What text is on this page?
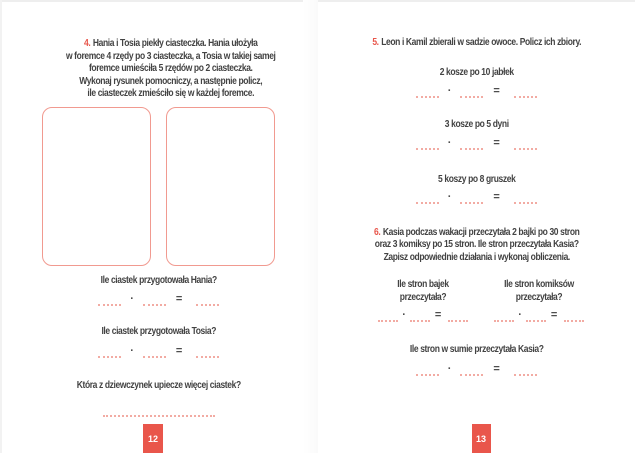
4. Hania i Tosia piekły ciasteczka. Hania ułożyła
w foremce 4 rzędy po 3 ciasteczka, a Tosia w takiej samej
foremce umieściła 5 rzędów po 2 ciasteczka.
Wykonaj rysunek pomocniczy, a następnie policz,
ile ciasteczek zmieściło się w każdej foremce.
Ile ciastek przygotowała Hania?
·	=
Ile ciastek przygotowała Tosia?
·	=
Która z dziewczynek upiecze więcej ciastek?
12
5. Leon i Kamil zbierali w sadzie owoce. Policz ich zbiory.
2 kosze po 10 jabłek
·	=
3 kosze po 5 dyni
·	=
5 koszy po 8 gruszek
·	=
6. Kasia podczas wakacji przeczytała 2 bajki po 30 stron
oraz 3 komiksy po 15 stron. Ile stron przeczytała Kasia?
Zapisz odpowiednie działania i wykonaj obliczenia.
Ile stron bajek
przeczytała?
·	=
Ile stron komiksów
przeczytała?
·	=
Ile stron w sumie przeczytała Kasia?
·	=
13
